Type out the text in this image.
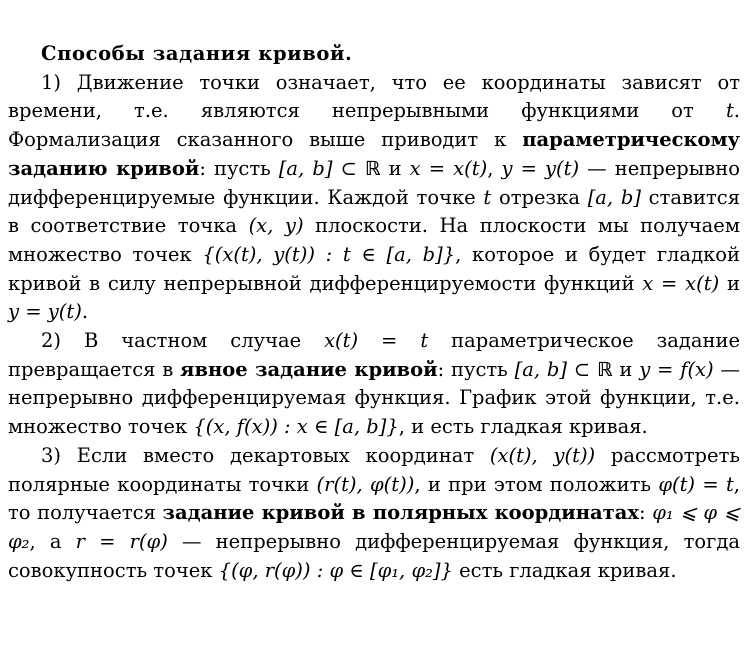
Способы задания кривой.

1) Движение точки означает, что ее координаты зависят от времени, т.е. являются непрерывными функциями от t. Формализация сказанного выше приводит к параметрическому заданию кривой: пусть [a, b] ⊂ ℝ и x = x(t), y = y(t) — непрерывно дифференцируемые функции. Каждой точке t отрезка [a, b] ставится в соответствие точка (x, y) плоскости. На плоскости мы получаем множество точек {(x(t), y(t)) : t ∈ [a, b]}, которое и будет гладкой кривой в силу непрерывной дифференцируемости функций x = x(t) и y = y(t).

2) В частном случае x(t) = t параметрическое задание превращается в явное задание кривой: пусть [a, b] ⊂ ℝ и y = f(x) — непрерывно дифференцируемая функция. График этой функции, т.е. множество точек {(x, f(x)) : x ∈ [a, b]}, и есть гладкая кривая.

3) Если вместо декартовых координат (x(t), y(t)) рассмотреть полярные координаты точки (r(t), φ(t)), и при этом положить φ(t) = t, то получается задание кривой в полярных координатах: φ₁ ⩽ φ ⩽ φ₂, а r = r(φ) — непрерывно дифференцируемая функция, тогда совокупность точек {(φ, r(φ)) : φ ∈ [φ₁, φ₂]} есть гладкая кривая.
